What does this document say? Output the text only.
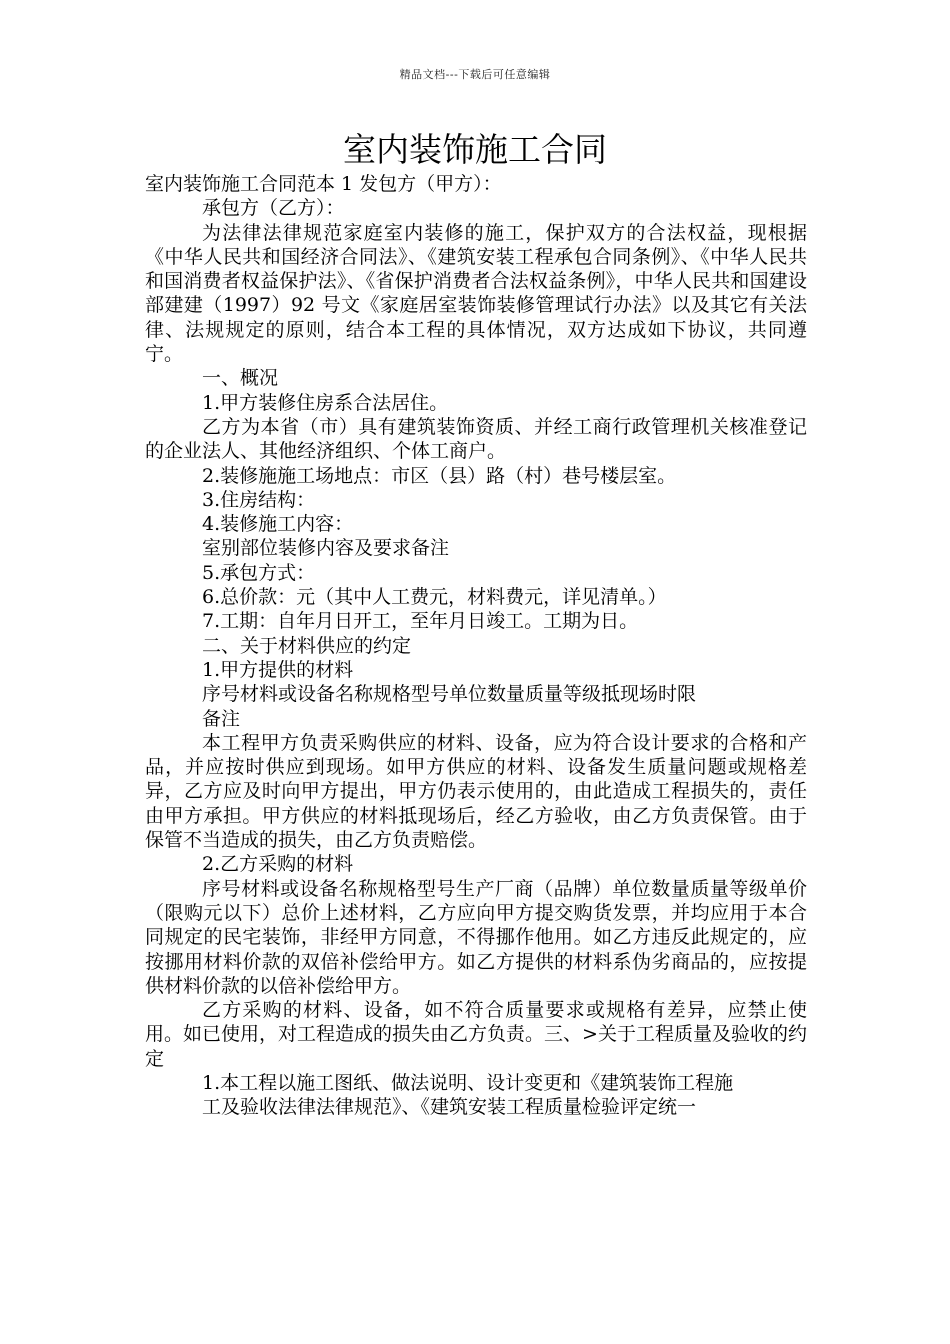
精品文档---下载后可任意编辑
室内装饰施工合同

室内装饰施工合同范本 1 发包方（甲方）：

承包方（乙方）：

为法律法律规范家庭室内装修的施工，保护双方的合法权益，现根据《中华人民共和国经济合同法》、《建筑安装工程承包合同条例》、《中华人民共和国消费者权益保护法》、《省保护消费者合法权益条例》，中华人民共和国建设部建建（1997）92 号文《家庭居室装饰装修管理试行办法》以及其它有关法律、法规规定的原则，结合本工程的具体情况，双方达成如下协议，共同遵宁。

一、概况

1.甲方装修住房系合法居住。

乙方为本省（市）具有建筑装饰资质、并经工商行政管理机关核准登记的企业法人、其他经济组织、个体工商户。

2.装修施施工场地点：市区（县）路（村）巷号楼层室。

3.住房结构：

4.装修施工内容：

室别部位装修内容及要求备注

5.承包方式：

6.总价款：元（其中人工费元，材料费元，详见清单。）

7.工期：自年月日开工，至年月日竣工。工期为日。

二、关于材料供应的约定

1.甲方提供的材料

序号材料或设备名称规格型号单位数量质量等级抵现场时限

备注

本工程甲方负责采购供应的材料、设备，应为符合设计要求的合格和产品，并应按时供应到现场。如甲方供应的材料、设备发生质量问题或规格差异，乙方应及时向甲方提出，甲方仍表示使用的，由此造成工程损失的，责任由甲方承担。甲方供应的材料抵现场后，经乙方验收，由乙方负责保管。由于保管不当造成的损失，由乙方负责赔偿。

2.乙方采购的材料

序号材料或设备名称规格型号生产厂商（品牌）单位数量质量等级单价（限购元以下）总价上述材料，乙方应向甲方提交购货发票，并均应用于本合同规定的民宅装饰，非经甲方同意，不得挪作他用。如乙方违反此规定的，应按挪用材料价款的双倍补偿给甲方。如乙方提供的材料系伪劣商品的，应按提供材料价款的以倍补偿给甲方。

乙方采购的材料、设备，如不符合质量要求或规格有差异，应禁止使用。如已使用，对工程造成的损失由乙方负责。三、>关于工程质量及验收的约定

1.本工程以施工图纸、做法说明、设计变更和《建筑装饰工程施

工及验收法律法律规范》、《建筑安装工程质量检验评定统一
